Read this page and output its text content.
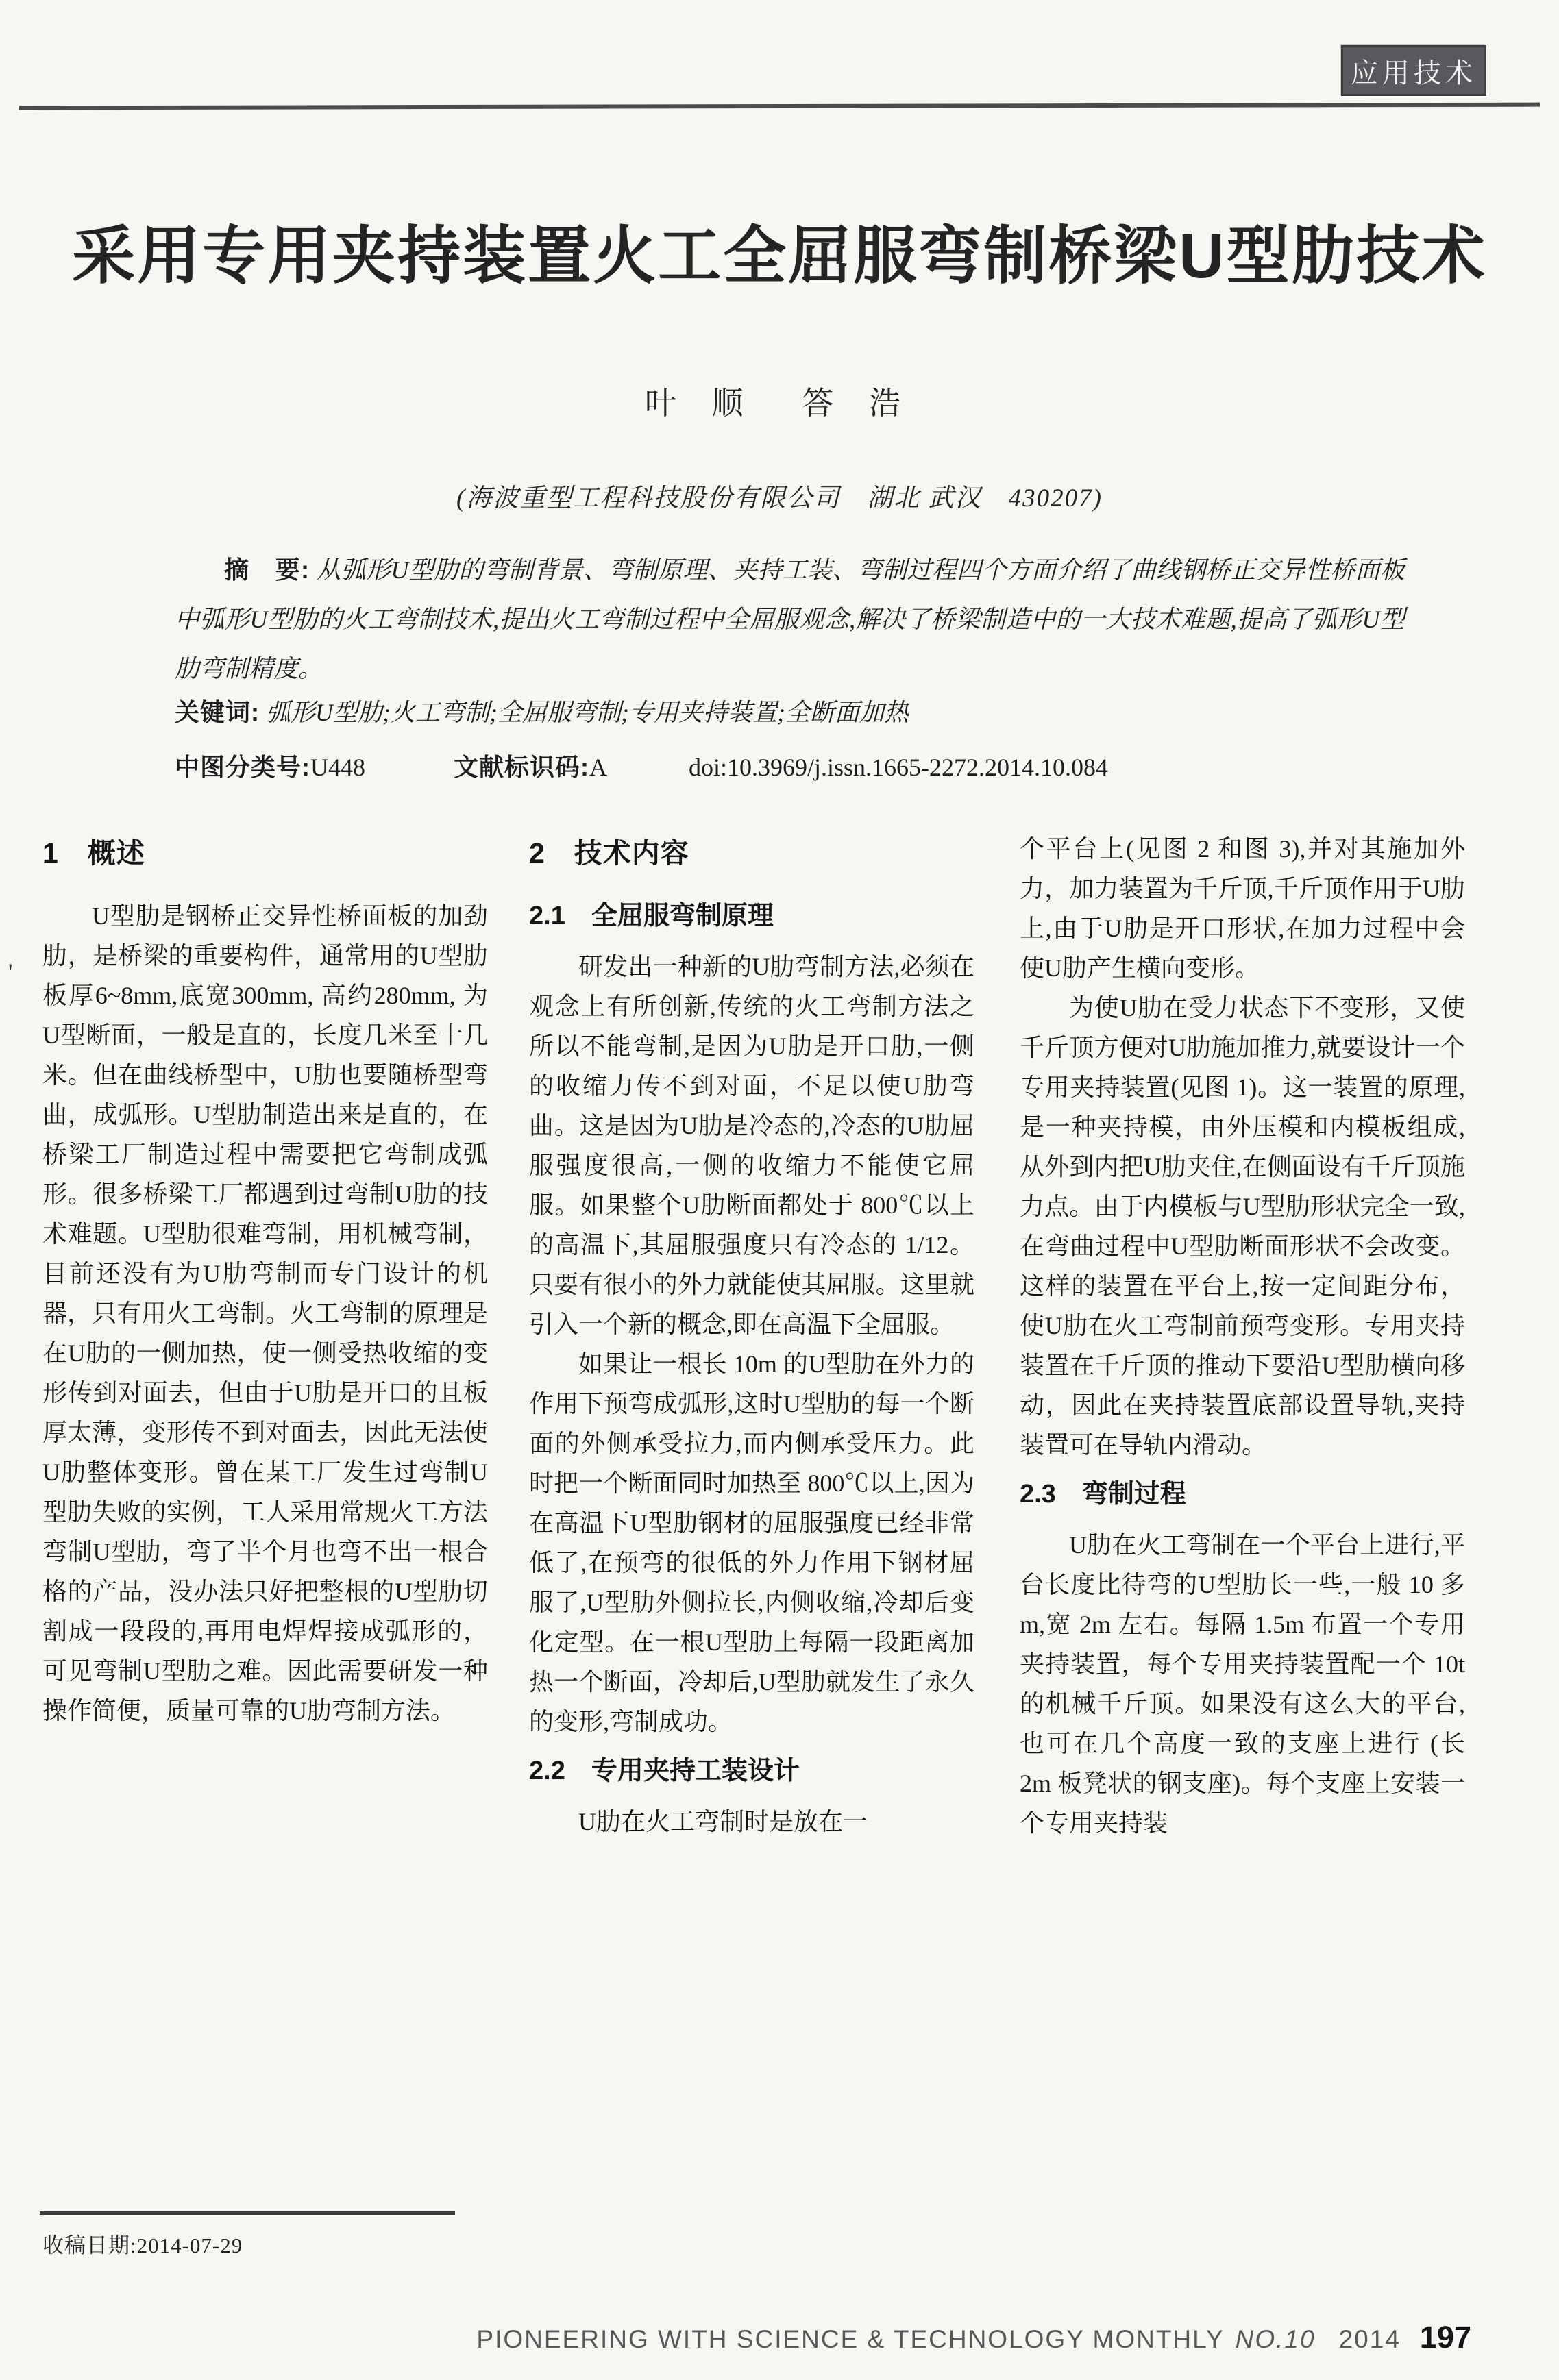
应用技术
采用专用夹持装置火工全屈服弯制桥梁U型肋技术
叶 顺　答 浩
(海波重型工程科技股份有限公司　湖北 武汉　430207)
摘　要: 从弧形U型肋的弯制背景、弯制原理、夹持工装、弯制过程四个方面介绍了曲线钢桥正交异性桥面板中弧形U型肋的火工弯制技术,提出火工弯制过程中全屈服观念,解决了桥梁制造中的一大技术难题,提高了弧形U型肋弯制精度。
关键词: 弧形U型肋;火工弯制;全屈服弯制;专用夹持装置;全断面加热
中图分类号:U448	文献标识码:A	doi:10.3969/j.issn.1665-2272.2014.10.084
'
1　概述

U型肋是钢桥正交异性桥面板的加劲肋，是桥梁的重要构件，通常用的U型肋板厚6~8mm,底宽300mm, 高约280mm, 为U型断面，一般是直的，长度几米至十几米。但在曲线桥型中，U肋也要随桥型弯曲，成弧形。U型肋制造出来是直的，在桥梁工厂制造过程中需要把它弯制成弧形。很多桥梁工厂都遇到过弯制U肋的技术难题。U型肋很难弯制，用机械弯制，目前还没有为U肋弯制而专门设计的机器，只有用火工弯制。火工弯制的原理是在U肋的一侧加热，使一侧受热收缩的变形传到对面去，但由于U肋是开口的且板厚太薄，变形传不到对面去，因此无法使U肋整体变形。曾在某工厂发生过弯制U型肋失败的实例，工人采用常规火工方法弯制U型肋，弯了半个月也弯不出一根合格的产品，没办法只好把整根的U型肋切割成一段段的,再用电焊焊接成弧形的，可见弯制U型肋之难。因此需要研发一种操作简便，质量可靠的U肋弯制方法。

2　技术内容
2.1　全屈服弯制原理

研发出一种新的U肋弯制方法,必须在观念上有所创新,传统的火工弯制方法之所以不能弯制,是因为U肋是开口肋,一侧的收缩力传不到对面，不足以使U肋弯曲。这是因为U肋是冷态的,冷态的U肋屈服强度很高,一侧的收缩力不能使它屈服。如果整个U肋断面都处于 800℃以上的高温下,其屈服强度只有冷态的 1/12。只要有很小的外力就能使其屈服。这里就引入一个新的概念,即在高温下全屈服。

如果让一根长 10m 的U型肋在外力的作用下预弯成弧形,这时U型肋的每一个断面的外侧承受拉力,而内侧承受压力。此时把一个断面同时加热至 800℃以上,因为在高温下U型肋钢材的屈服强度已经非常低了,在预弯的很低的外力作用下钢材屈服了,U型肋外侧拉长,内侧收缩,冷却后变化定型。在一根U型肋上每隔一段距离加热一个断面，冷却后,U型肋就发生了永久的变形,弯制成功。

2.2　专用夹持工装设计

U肋在火工弯制时是放在一

个平台上(见图 2 和图 3),并对其施加外力，加力装置为千斤顶,千斤顶作用于U肋上,由于U肋是开口形状,在加力过程中会使U肋产生横向变形。

为使U肋在受力状态下不变形，又使千斤顶方便对U肋施加推力,就要设计一个专用夹持装置(见图 1)。这一装置的原理,是一种夹持模，由外压模和内模板组成,从外到内把U肋夹住,在侧面设有千斤顶施力点。由于内模板与U型肋形状完全一致,在弯曲过程中U型肋断面形状不会改变。这样的装置在平台上,按一定间距分布，使U肋在火工弯制前预弯变形。专用夹持装置在千斤顶的推动下要沿U型肋横向移动，因此在夹持装置底部设置导轨,夹持装置可在导轨内滑动。

2.3　弯制过程

U肋在火工弯制在一个平台上进行,平台长度比待弯的U型肋长一些,一般 10 多 m,宽 2m 左右。每隔 1.5m 布置一个专用夹持装置，每个专用夹持装置配一个 10t 的机械千斤顶。如果没有这么大的平台,也可在几个高度一致的支座上进行 (长 2m 板凳状的钢支座)。每个支座上安装一个专用夹持装

收稿日期:2014-07-29
PIONEERING WITH SCIENCE & TECHNOLOGY MONTHLY NO.10 2014 197
